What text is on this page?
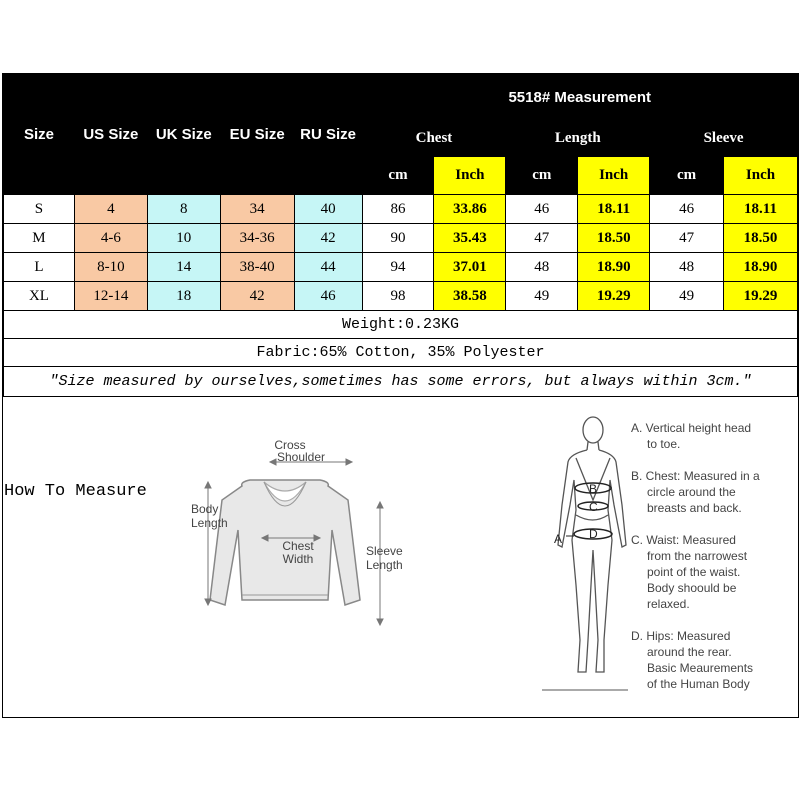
Size	US Size	UK Size	EU Size	RU Size	5518# Measurement					
					Chest		Length		Sleeve	
					cm	Inch	cm	Inch	cm	Inch
S	4	8	34	40	86	33.86	46	18.11	46	18.11
M	4-6	10	34-36	42	90	35.43	47	18.50	47	18.50
L	8-10	14	38-40	44	94	37.01	48	18.90	48	18.90
XL	12-14	18	42	46	98	38.58	49	19.29	49	19.29
Weight:0.23KG										
Fabric:65% Cotton, 35% Polyester										
"Size measured by ourselves,sometimes has some errors, but always within 3cm."										
How To Measure
Cross
Shoulder
Body
Length
Chest
Width
Sleeve
Length
A
B
C
D
A. Vertical height head
to toe.
B. Chest: Measured in a
circle around the
breasts and back.
C. Waist: Measured
from the narrowest
point of the waist.
Body shoould be
relaxed.
D. Hips: Measured
around the rear.
Basic Meaurements
of the Human Body
